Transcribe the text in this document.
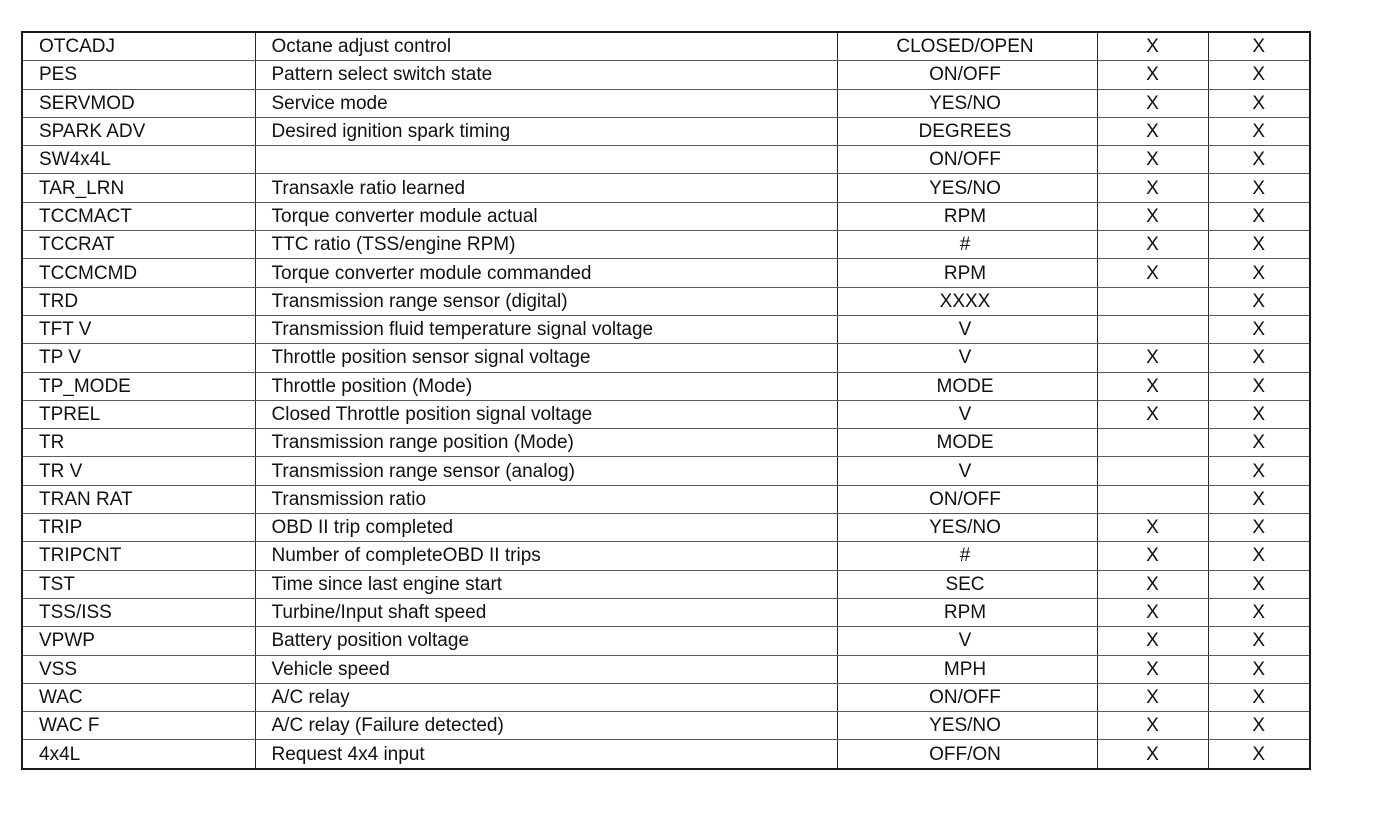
OTCADJ	Octane adjust control	CLOSED/OPEN	X	X
PES	Pattern select switch state	ON/OFF	X	X
SERVMOD	Service mode	YES/NO	X	X
SPARK ADV	Desired ignition spark timing	DEGREES	X	X
SW4x4L		ON/OFF	X	X
TAR_LRN	Transaxle ratio learned	YES/NO	X	X
TCCMACT	Torque converter module actual	RPM	X	X
TCCRAT	TTC ratio (TSS/engine RPM)	#	X	X
TCCMCMD	Torque converter module commanded	RPM	X	X
TRD	Transmission range sensor (digital)	XXXX		X
TFT V	Transmission fluid temperature signal voltage	V		X
TP V	Throttle position sensor signal voltage	V	X	X
TP_MODE	Throttle position (Mode)	MODE	X	X
TPREL	Closed Throttle position signal voltage	V	X	X
TR	Transmission range position (Mode)	MODE		X
TR V	Transmission range sensor (analog)	V		X
TRAN RAT	Transmission ratio	ON/OFF		X
TRIP	OBD II trip completed	YES/NO	X	X
TRIPCNT	Number of completeOBD II trips	#	X	X
TST	Time since last engine start	SEC	X	X
TSS/ISS	Turbine/Input shaft speed	RPM	X	X
VPWP	Battery position voltage	V	X	X
VSS	Vehicle speed	MPH	X	X
WAC	A/C relay	ON/OFF	X	X
WAC F	A/C relay (Failure detected)	YES/NO	X	X
4x4L	Request 4x4 input	OFF/ON	X	X
